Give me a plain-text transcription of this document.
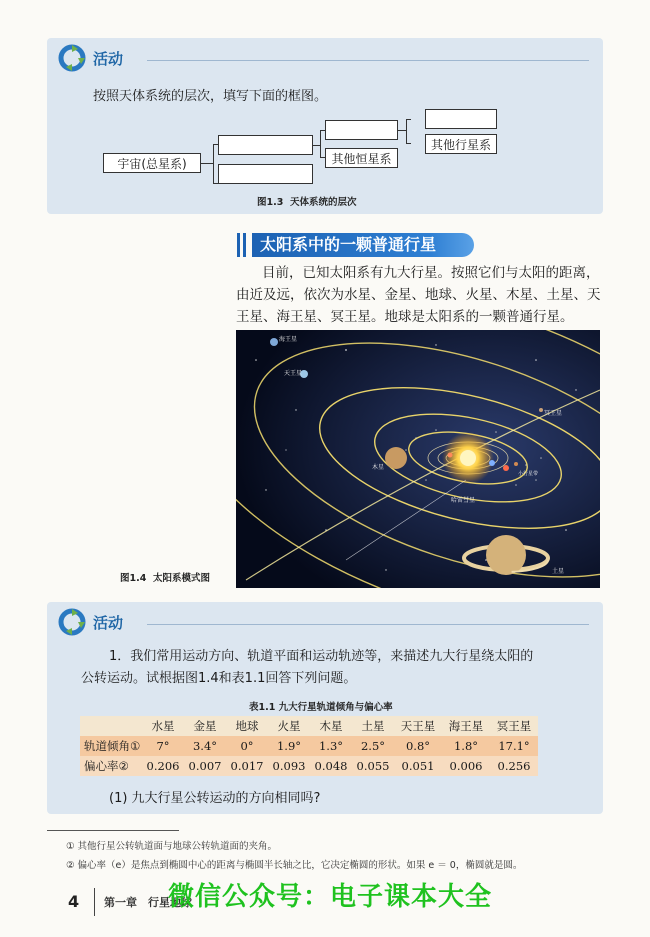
活动
按照天体系统的层次，填写下面的框图。
宇宙(总星系)	其他恒星系
其他行星系
图1.3 天体系统的层次
太阳系中的一颗普通行星
目前，已知太阳系有九大行星。按照它们与太阳的距离，
由近及远，依次为水星、金星、地球、火星、木星、土星、天
王星、海王星、冥王星。地球是太阳系的一颗普通行星。
海王星
天王星
冥王星
木星
哈雷彗星
土星
小行星带
图1.4 太阳系模式图
活动
1．我们常用运动方向、轨道平面和运动轨迹等，来描述九大行星绕太阳的
公转运动。试根据图1.4和表1.1回答下列问题。
表1.1 九大行星轨道倾角与偏心率
(1) 九大行星公转运动的方向相同吗?
	水星	金星	地球	火星	木星	土星	天王星	海王星	冥王星
轨道倾角①	7°	3.4°	0°	1.9°	1.3°	2.5°	0.8°	1.8°	17.1°
偏心率②	0.206	0.007	0.017	0.093	0.048	0.055	0.051	0.006	0.256
① 其他行星公转轨道面与地球公转轨道面的夹角。
② 偏心率（e）是焦点到椭圆中心的距离与椭圆半长轴之比，它决定椭圆的形状。如果 e ＝ 0，椭圆就是圆。
4 第一章　行星地球
微信公众号：电子课本大全
